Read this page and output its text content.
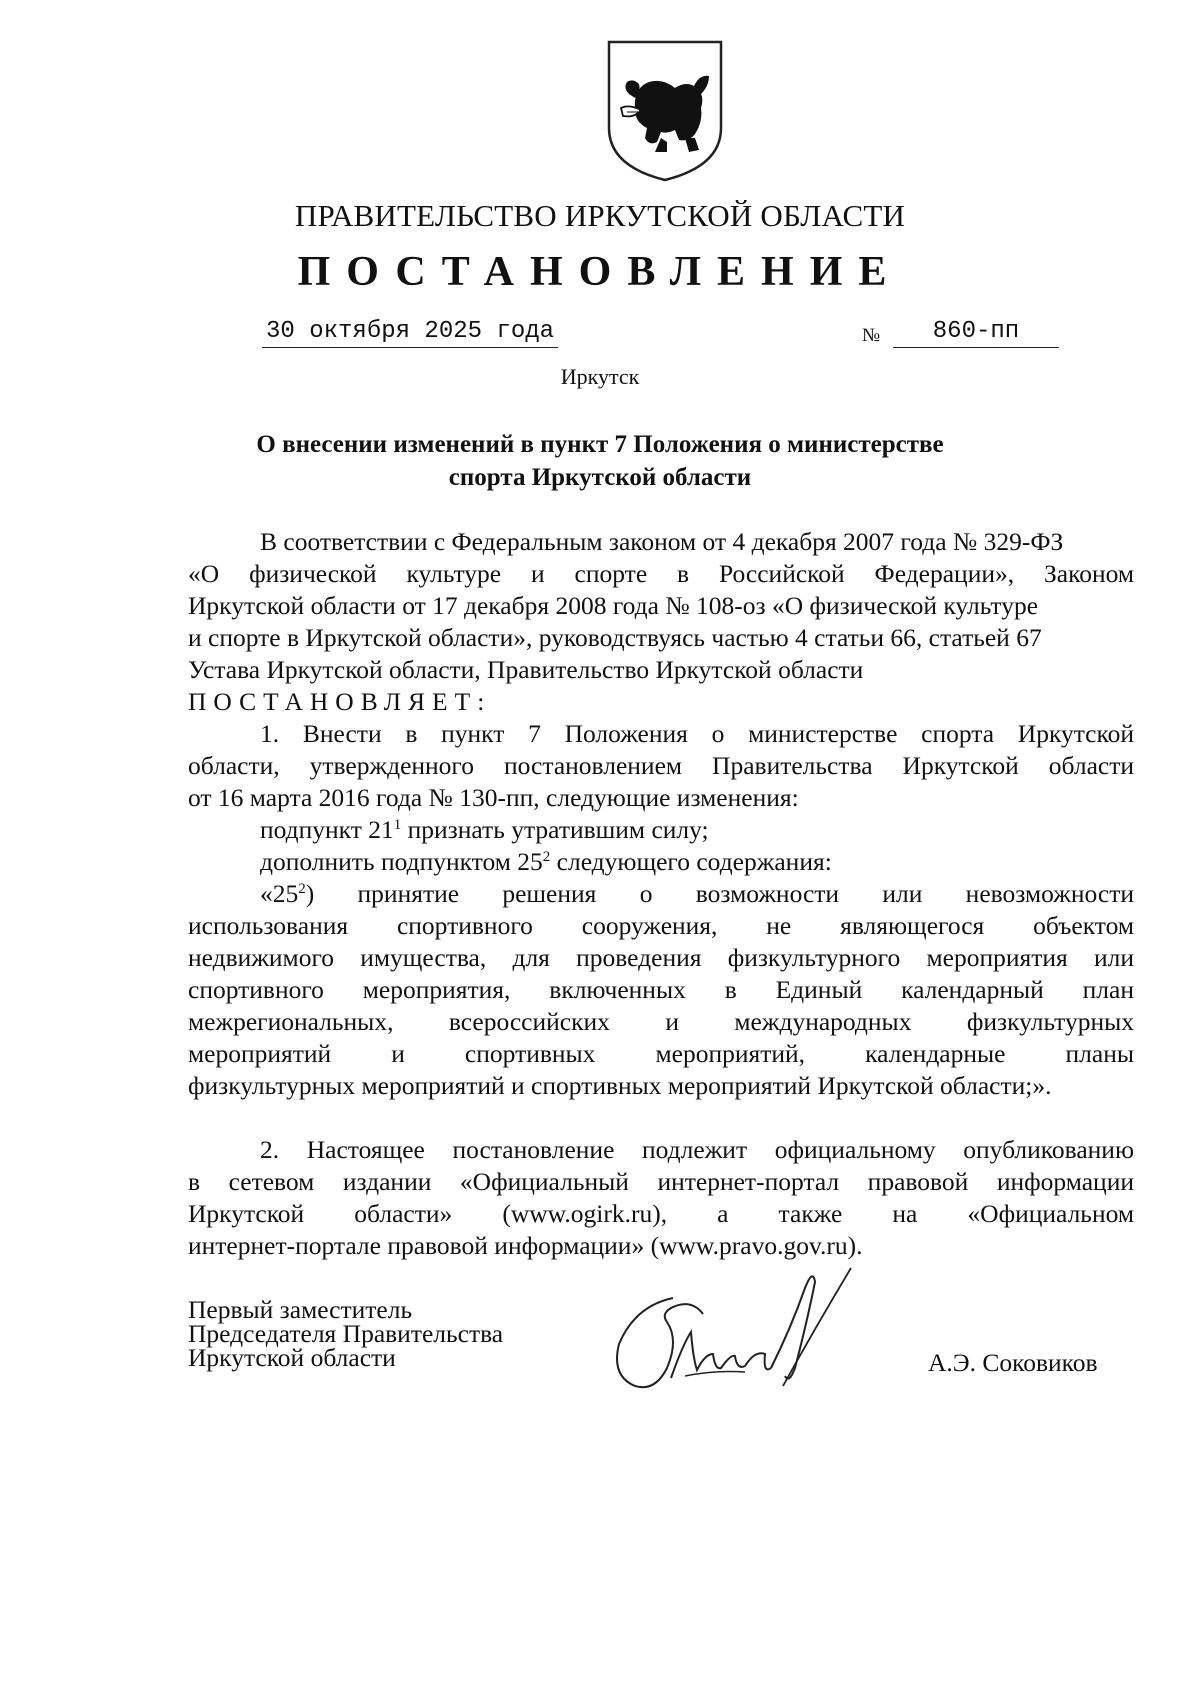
ПРАВИТЕЛЬСТВО ИРКУТСКОЙ ОБЛАСТИ
ПОСТАНОВЛЕНИЕ
30 октября 2025 года	№	860-пп
Иркутск
О внесении изменений в пункт 7 Положения о министерстве
спорта Иркутской области
В соответствии с Федеральным законом от 4 декабря 2007 года № 329-ФЗ
«О физической культуре и спорте в Российской Федерации», Законом
Иркутской области от 17 декабря 2008 года № 108-оз «О физической культуре
и спорте в Иркутской области», руководствуясь частью 4 статьи 66, статьей 67
Устава Иркутской области, Правительство Иркутской области
ПОСТАНОВЛЯЕТ:
1. Внести в пункт 7 Положения о министерстве спорта Иркутской
области, утвержденного постановлением Правительства Иркутской области
от 16 марта 2016 года № 130-пп, следующие изменения:
подпункт $21^1$ признать утратившим силу;
дополнить подпунктом $25^2$ следующего содержания:
«$25^2$) принятие решения о возможности или невозможности
использования спортивного сооружения, не являющегося объектом
недвижимого имущества, для проведения физкультурного мероприятия или
спортивного мероприятия, включенных в Единый календарный план
межрегиональных, всероссийских и международных физкультурных
мероприятий и спортивных мероприятий, календарные планы
физкультурных мероприятий и спортивных мероприятий Иркутской области;».
2. Настоящее постановление подлежит официальному опубликованию
в сетевом издании «Официальный интернет-портал правовой информации
Иркутской области» (www.ogirk.ru), а также на «Официальном
интернет-портале правовой информации» (www.pravo.gov.ru).
Первый заместитель
Председателя Правительства
Иркутской области	А.Э. Соковиков
